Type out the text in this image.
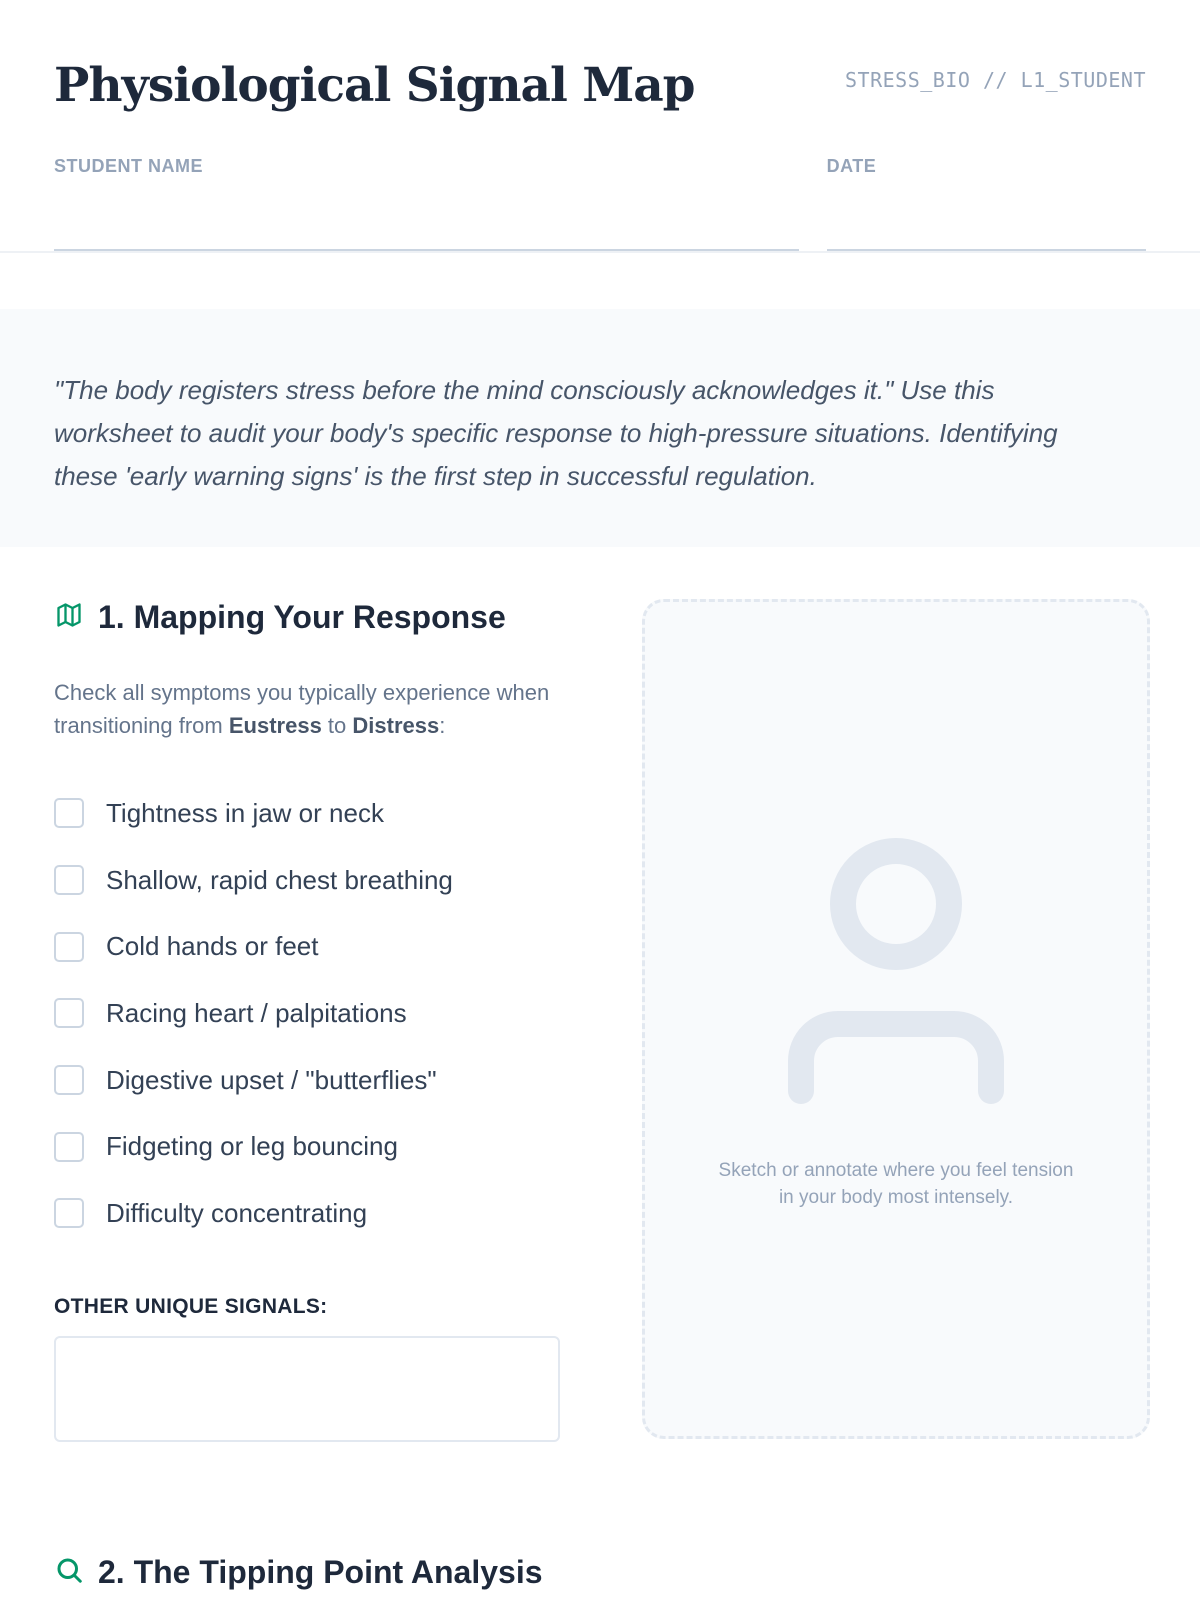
Physiological Signal Map	STRESS_BIO // L1_STUDENT
STUDENT NAME	DATE

"The body registers stress before the mind consciously acknowledges it." Use this worksheet to audit your body's specific response to high-pressure situations. Identifying these 'early warning signs' is the first step in successful regulation.

1. Mapping Your Response
Check all symptoms you typically experience when transitioning from Eustress to Distress:
Tightness in jaw or neck
Shallow, rapid chest breathing
Cold hands or feet
Racing heart / palpitations
Digestive upset / "butterflies"
Fidgeting or leg bouncing
Difficulty concentrating
OTHER UNIQUE SIGNALS:
Sketch or annotate where you feel tension in your body most intensely.
2. The Tipping Point Analysis
